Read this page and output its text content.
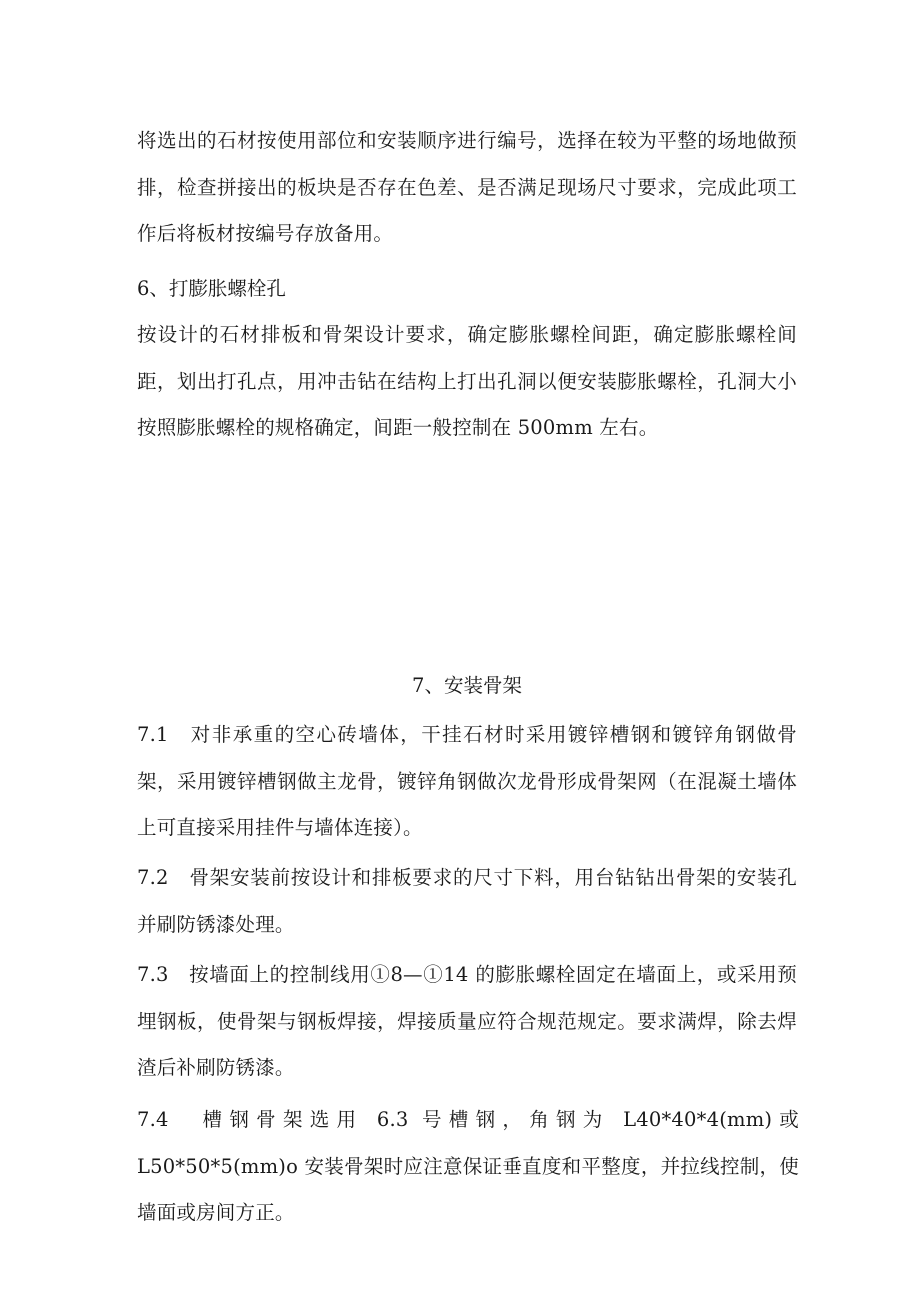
将选出的石材按使用部位和安装顺序进行编号，选择在较为平整的场地做预排，检查拼接出的板块是否存在色差、是否满足现场尺寸要求，完成此项工作后将板材按编号存放备用。

6、打膨胀螺栓孔

按设计的石材排板和骨架设计要求，确定膨胀螺栓间距，确定膨胀螺栓间距，划出打孔点，用冲击钻在结构上打出孔洞以便安装膨胀螺栓，孔洞大小按照膨胀螺栓的规格确定，间距一般控制在 500mm 左右。

7、安装骨架

7.1　对非承重的空心砖墙体，干挂石材时采用镀锌槽钢和镀锌角钢做骨架，采用镀锌槽钢做主龙骨，镀锌角钢做次龙骨形成骨架网（在混凝土墙体上可直接采用挂件与墙体连接）。

7.2　骨架安装前按设计和排板要求的尺寸下料，用台钻钻出骨架的安装孔并刷防锈漆处理。

7.3　按墙面上的控制线用①8—①14 的膨胀螺栓固定在墙面上，或采用预埋钢板，使骨架与钢板焊接，焊接质量应符合规范规定。要求满焊，除去焊渣后补刷防锈漆。

7.4　槽钢骨架选用 6.3 号槽钢，角钢为 L40*40*4(mm)或 L50*50*5(mm)o 安装骨架时应注意保证垂直度和平整度，并拉线控制，使墙面或房间方正。
